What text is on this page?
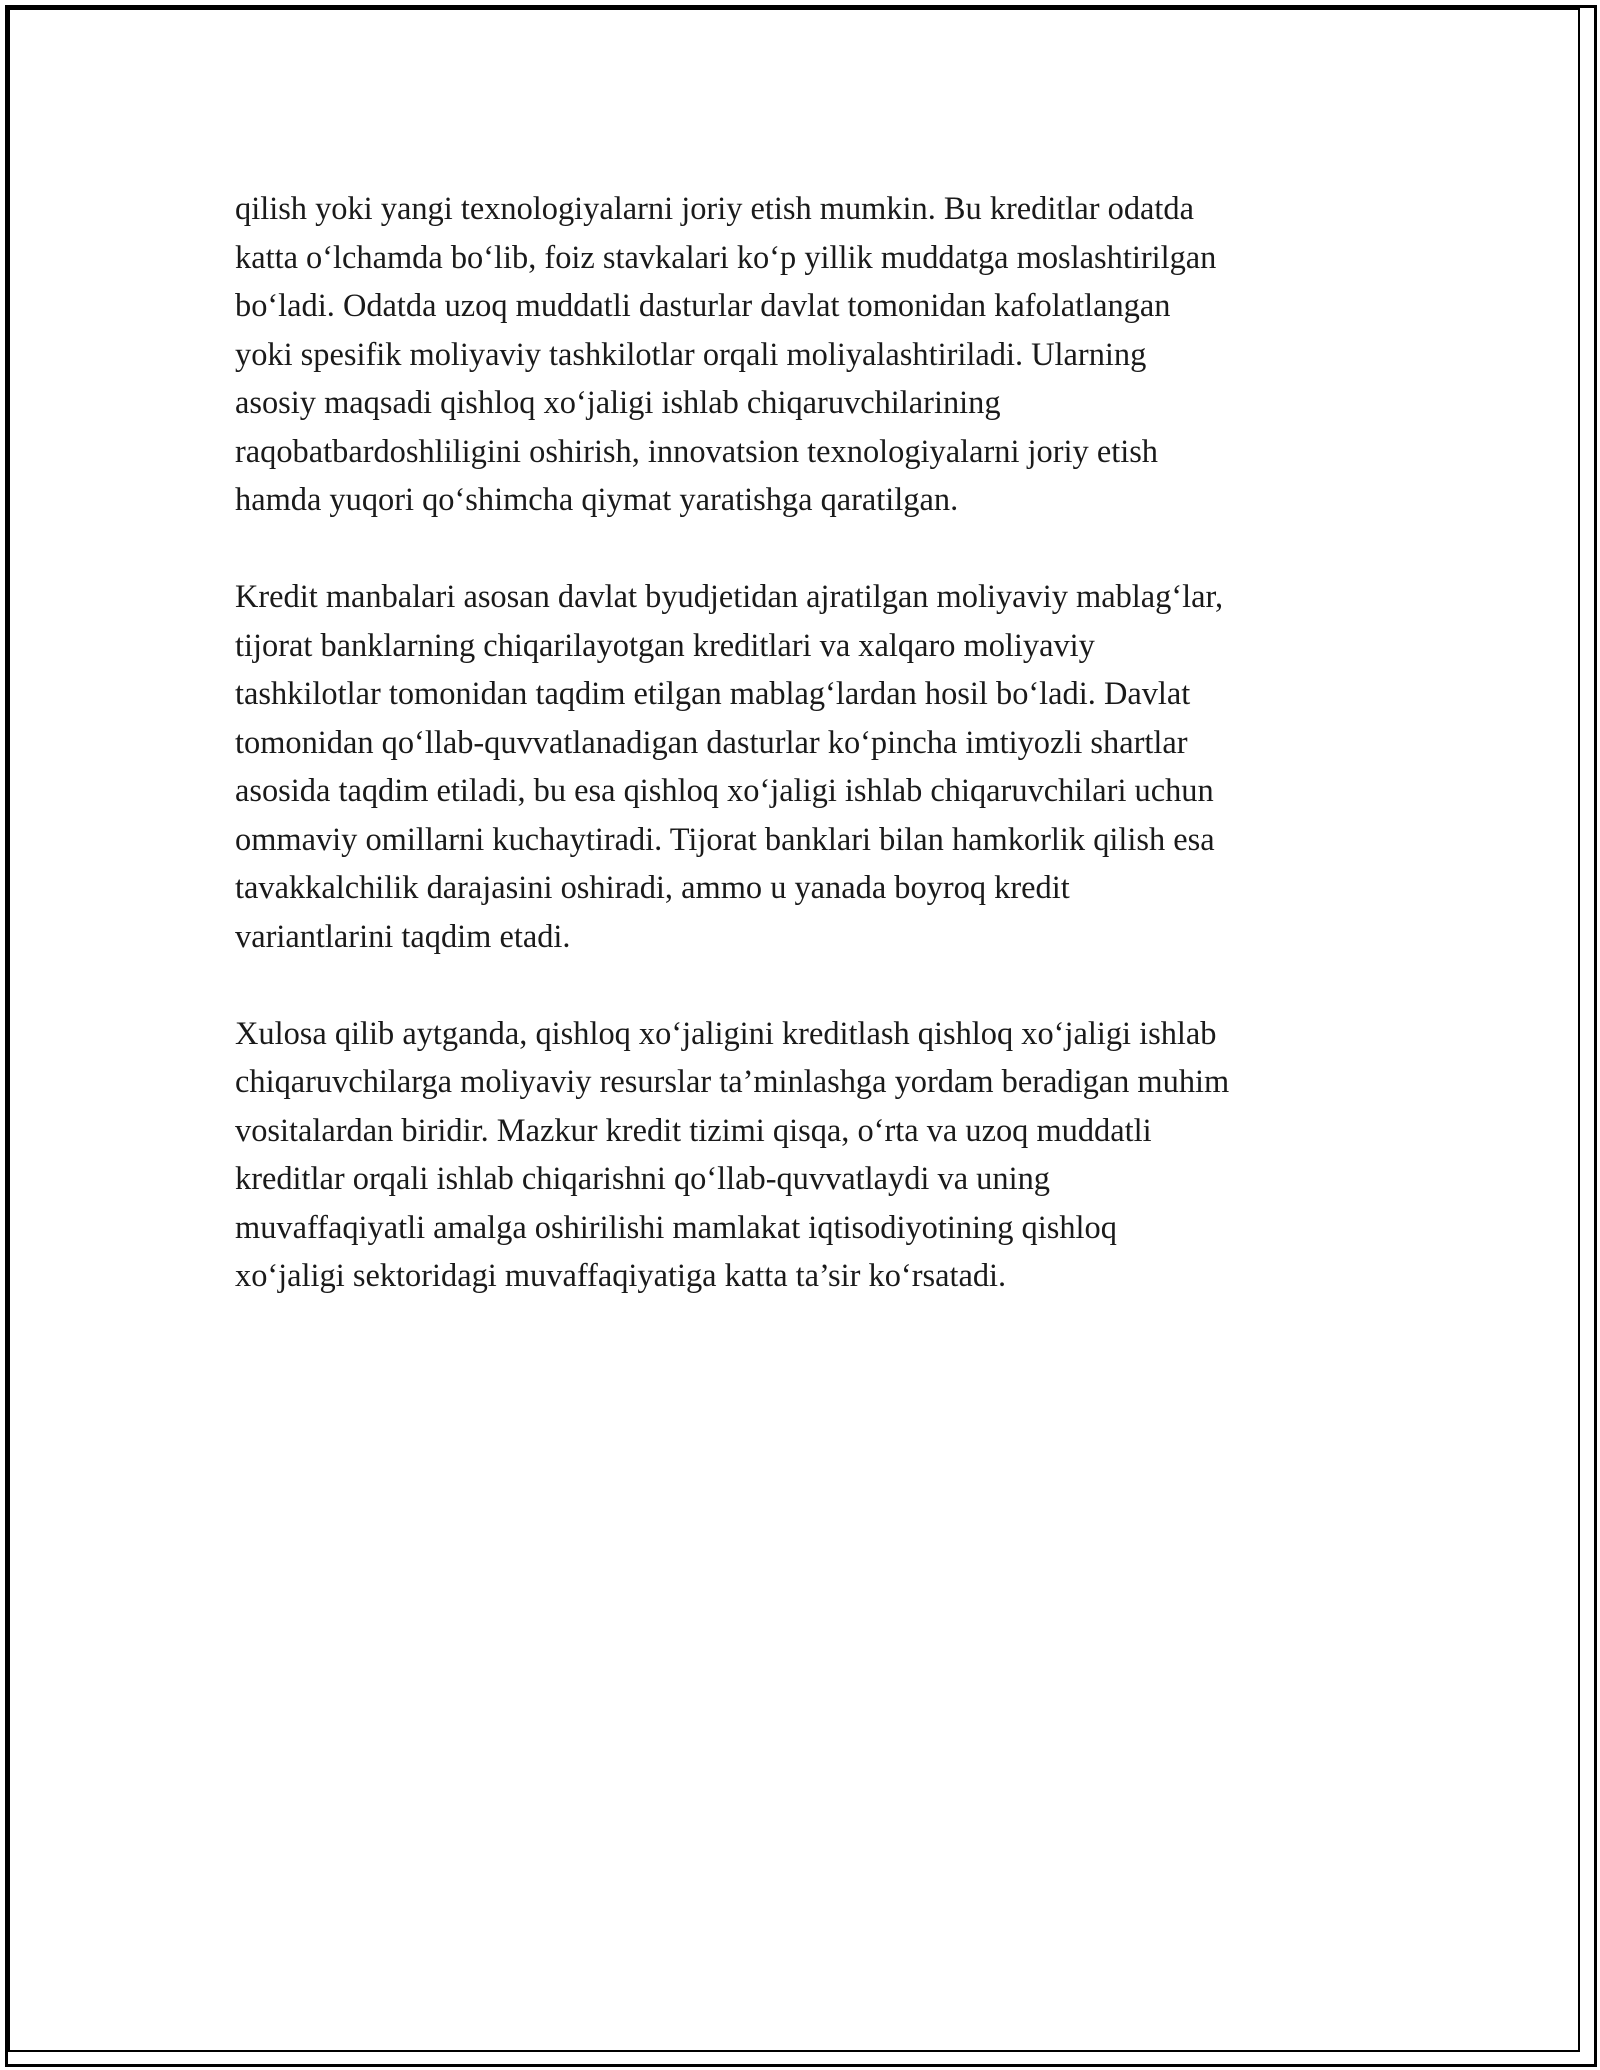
qilish yoki yangi texnologiyalarni joriy etish mumkin. Bu kreditlar odatda
katta o‘lchamda bo‘lib, foiz stavkalari ko‘p yillik muddatga moslashtirilgan
bo‘ladi. Odatda uzoq muddatli dasturlar davlat tomonidan kafolatlangan
yoki spesifik moliyaviy tashkilotlar orqali moliyalashtiriladi. Ularning
asosiy maqsadi qishloq xo‘jaligi ishlab chiqaruvchilarining
raqobatbardoshliligini oshirish, innovatsion texnologiyalarni joriy etish
hamda yuqori qo‘shimcha qiymat yaratishga qaratilgan.

Kredit manbalari asosan davlat byudjetidan ajratilgan moliyaviy mablag‘lar,
tijorat banklarning chiqarilayotgan kreditlari va xalqaro moliyaviy
tashkilotlar tomonidan taqdim etilgan mablag‘lardan hosil bo‘ladi. Davlat
tomonidan qo‘llab-quvvatlanadigan dasturlar ko‘pincha imtiyozli shartlar
asosida taqdim etiladi, bu esa qishloq xo‘jaligi ishlab chiqaruvchilari uchun
ommaviy omillarni kuchaytiradi. Tijorat banklari bilan hamkorlik qilish esa
tavakkalchilik darajasini oshiradi, ammo u yanada boyroq kredit
variantlarini taqdim etadi.

Xulosa qilib aytganda, qishloq xo‘jaligini kreditlash qishloq xo‘jaligi ishlab
chiqaruvchilarga moliyaviy resurslar ta’minlashga yordam beradigan muhim
vositalardan biridir. Mazkur kredit tizimi qisqa, o‘rta va uzoq muddatli
kreditlar orqali ishlab chiqarishni qo‘llab-quvvatlaydi va uning
muvaffaqiyatli amalga oshirilishi mamlakat iqtisodiyotining qishloq
xo‘jaligi sektoridagi muvaffaqiyatiga katta ta’sir ko‘rsatadi.
